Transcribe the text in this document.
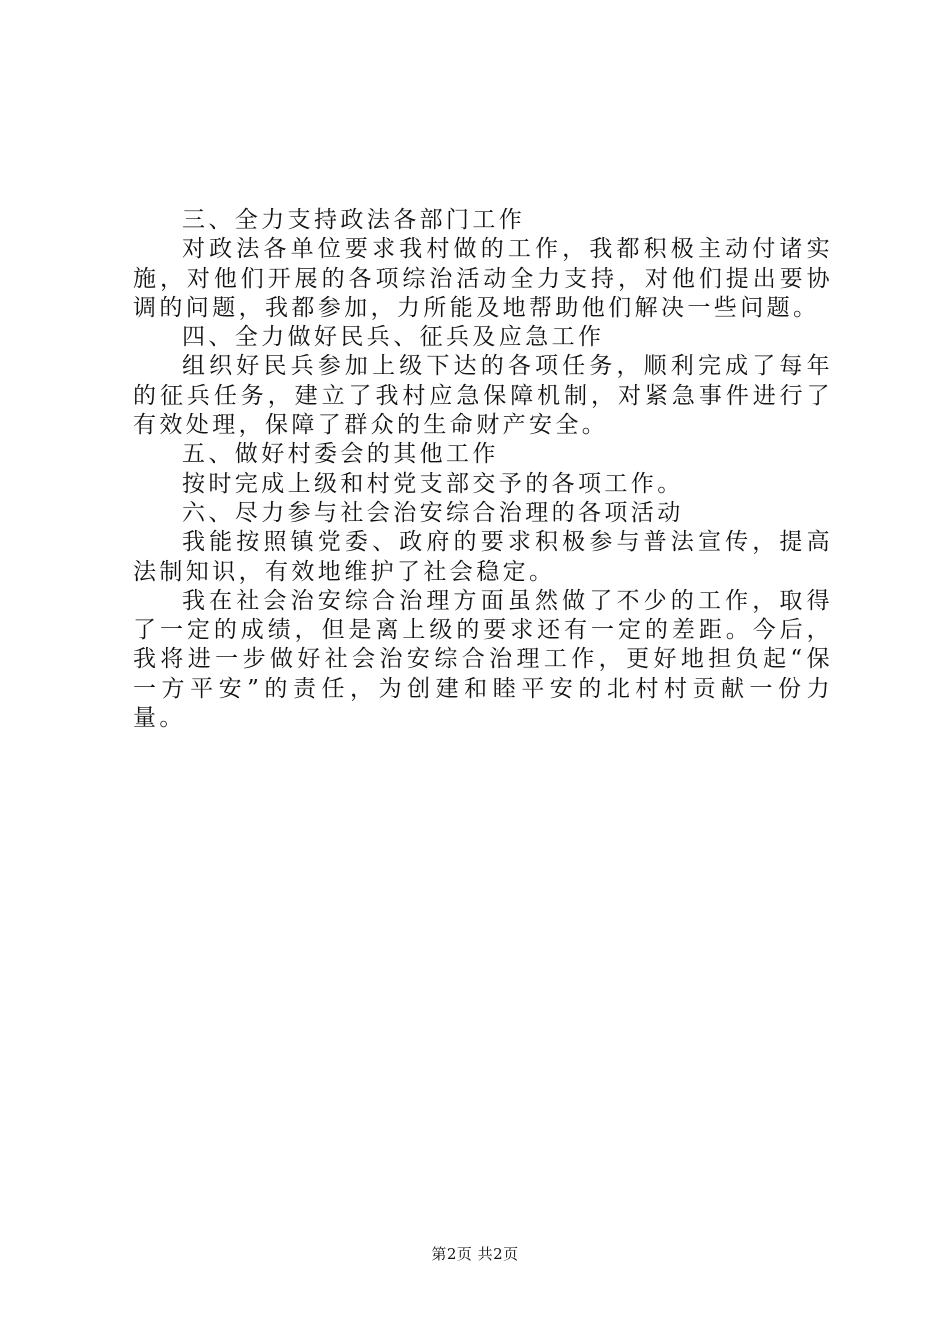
三、全力支持政法各部门工作

对政法各单位要求我村做的工作，我都积极主动付诸实施，对他们开展的各项综治活动全力支持，对他们提出要协调的问题，我都参加，力所能及地帮助他们解决一些问题。

四、全力做好民兵、征兵及应急工作

组织好民兵参加上级下达的各项任务，顺利完成了每年的征兵任务，建立了我村应急保障机制，对紧急事件进行了有效处理，保障了群众的生命财产安全。

五、做好村委会的其他工作

按时完成上级和村党支部交予的各项工作。

六、尽力参与社会治安综合治理的各项活动

我能按照镇党委、政府的要求积极参与普法宣传，提高法制知识，有效地维护了社会稳定。

我在社会治安综合治理方面虽然做了不少的工作，取得了一定的成绩，但是离上级的要求还有一定的差距。今后，我将进一步做好社会治安综合治理工作，更好地担负起“保一方平安”的责任，为创建和睦平安的北村村贡献一份力量。

第2页 共2页
